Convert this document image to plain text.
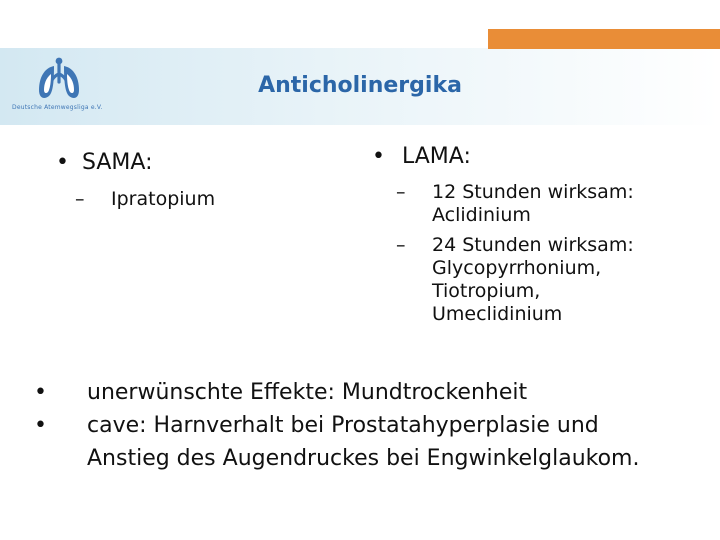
Deutsche Atemwegsliga e.V.
Anticholinergika
• SAMA:
– Ipratopium
• LAMA:
– 12 Stunden wirksam:
Aclidinium
– 24 Stunden wirksam:
Glycopyrrhonium,
Tiotropium,
Umeclidinium
• unerwünschte Effekte: Mundtrockenheit
• cave: Harnverhalt bei Prostatahyperplasie und
Anstieg des Augendruckes bei Engwinkelglaukom.
